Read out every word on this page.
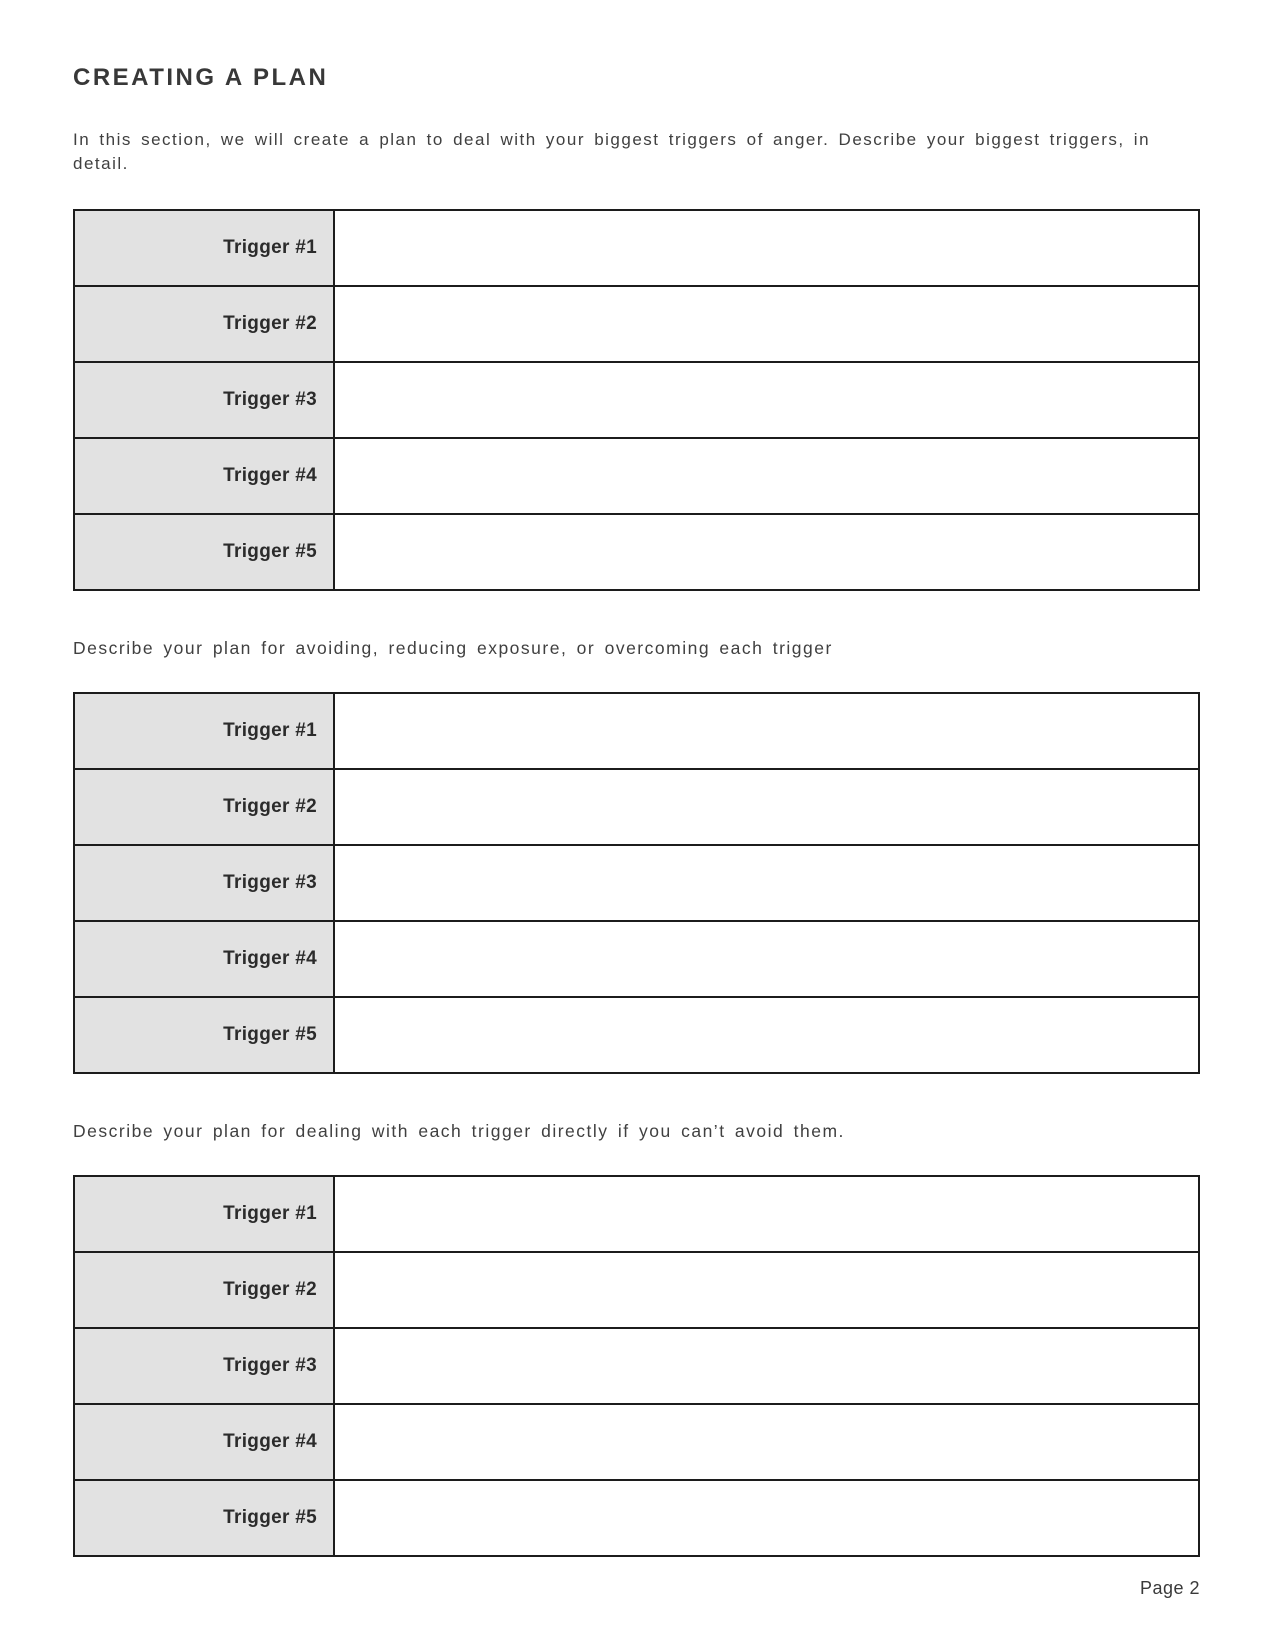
CREATING A PLAN

In this section, we will create a plan to deal with your biggest triggers of anger. Describe your biggest triggers, in detail.

Trigger #1	
Trigger #2	
Trigger #3	
Trigger #4	
Trigger #5	

Describe your plan for avoiding, reducing exposure, or overcoming each trigger

Trigger #1	
Trigger #2	
Trigger #3	
Trigger #4	
Trigger #5	

Describe your plan for dealing with each trigger directly if you can’t avoid them.

Trigger #1	
Trigger #2	
Trigger #3	
Trigger #4	
Trigger #5	
Page 2
